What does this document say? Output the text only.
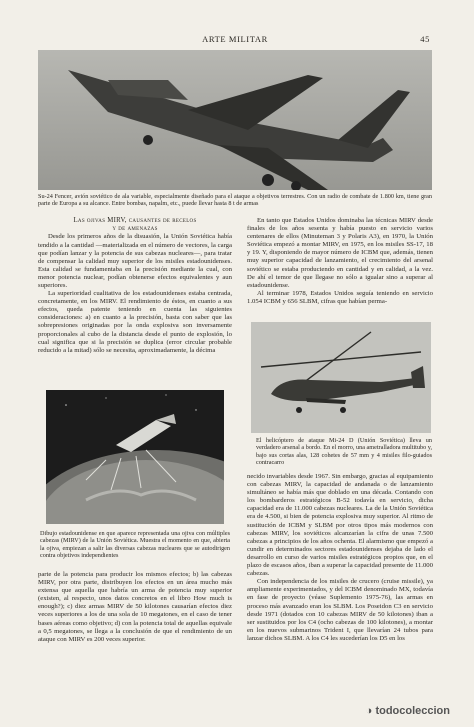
ARTE MILITAR	45
Su-24 Fencer, avión soviético de ala variable, especialmente diseñado para el ataque a objetivos terrestres. Con un radio de combate de 1.800 km, tiene gran parte de Europa a su alcance. Entre bombas, napalm, etc., puede llevar hasta 8 t de armas

Las ojivas MIRV, causantes de recelos
y de amenazas

Desde los primeros años de la disuasión, la Unión Soviética había tendido a la cantidad —materializada en el número de vectores, la carga que podían lanzar y la potencia de sus cabezas nucleares—, para tratar de compensar la calidad muy superior de los misiles estadounidenses. Esta calidad se fundamentaba en la precisión mediante la cual, con menor potencia nuclear, podían obtenerse efectos equivalentes y aun superiores.

La superioridad cualitativa de los estadounidenses estaba centrada, concretamente, en los MIRV. El rendimiento de éstos, en cuanto a sus efectos, queda patente teniendo en cuenta las siguientes consideraciones: a) en cuanto a la precisión, basta con saber que las sobrepresiones originadas por la onda explosiva son inversamente proporcionales al cubo de la distancia desde el punto de explosión, lo cual significa que si la precisión se duplica (error circular probable reducido a la mitad) sólo se necesita, aproximadamente, la décima

Dibujo estadounidense en que aparece representada una ojiva con múltiples cabezas (MIRV) de la Unión Soviética. Muestra el momento en que, abierta la ojiva, empiezan a salir las diversas cabezas nucleares que se autodirigen contra objetivos independientes

parte de la potencia para producir los mismos efectos; b) las cabezas MIRV, por otra parte, distribuyen los efectos en un área mucho más extensa que aquella que habría un arma de potencia muy superior (existen, al respecto, unos datos concretos en el libro How much is enough?); c) diez armas MIRV de 50 kilotones causarían efectos diez veces superiores a los de una sola de 10 megatones, en el caso de tener bases aéreas como objetivo; d) con la potencia total de aquellas equivale a 0,5 megatones, se llega a la conclusión de que el rendimiento de un ataque con MIRV es 200 veces superior.

En tanto que Estados Unidos dominaba las técnicas MIRV desde finales de los años sesenta y había puesto en servicio varios centenares de ellos (Minuteman 3 y Polaris A3), en 1970, la Unión Soviética empezó a montar MIRV, en 1975, en los misiles SS-17, 18 y 19. Y, disponiendo de mayor número de ICBM que, además, tienen muy superior capacidad de lanzamiento, el crecimiento del arsenal soviético se estaba produciendo en cantidad y en calidad, a la vez. De ahí el temor de que llegase no sólo a igualar sino a superar al estadounidense.

Al terminar 1978, Estados Unidos seguía teniendo en servicio 1.054 ICBM y 656 SLBM, cifras que habían perma-

El helicóptero de ataque Mi-24 D (Unión Soviética) lleva un verdadero arsenal a bordo. En el morro, una ametralladora multitubo y, bajo sus cortas alas, 128 cohetes de 57 mm y 4 misiles filo-guiados contracarro

necido invariables desde 1967. Sin embargo, gracias al equipamiento con cabezas MIRV, la capacidad de andanada o de lanzamiento simultáneo se había más que doblado en una década. Contando con los bombarderos estratégicos B-52 todavía en servicio, dicha capacidad era de 11.000 cabezas nucleares. La de la Unión Soviética era de 4.500, si bien de potencia explosiva muy superior. Al ritmo de sustitución de ICBM y SLBM por otros tipos más modernos con cabezas MIRV, los soviéticos alcanzarían la cifra de unas 7.500 cabezas a principios de los años ochenta. El alarmismo que empezó a cundir en determinados sectores estadounidenses dejaba de lado el desarrollo en curso de varios misiles estratégicos propios que, en el plazo de escasos años, iban a superar la capacidad presente de 11.000 cabezas.

Con independencia de los misiles de crucero (cruise missile), ya ampliamente experimentados, y del ICBM denominado MX, todavía en fase de proyecto (véase Suplemento 1975-76), las armas en proceso más avanzado eran los SLBM. Los Poseidon C3 en servicio desde 1971 (dotados con 10 cabezas MIRV de 50 kilotones) iban a ser sustituidos por los C4 (ocho cabezas de 100 kilotones), a montar en los nuevos submarinos Trident I, que llevarían 24 tubos para lanzar dichos SLBM. A los C4 les sucederían los D5 en los

◑ todocoleccion
